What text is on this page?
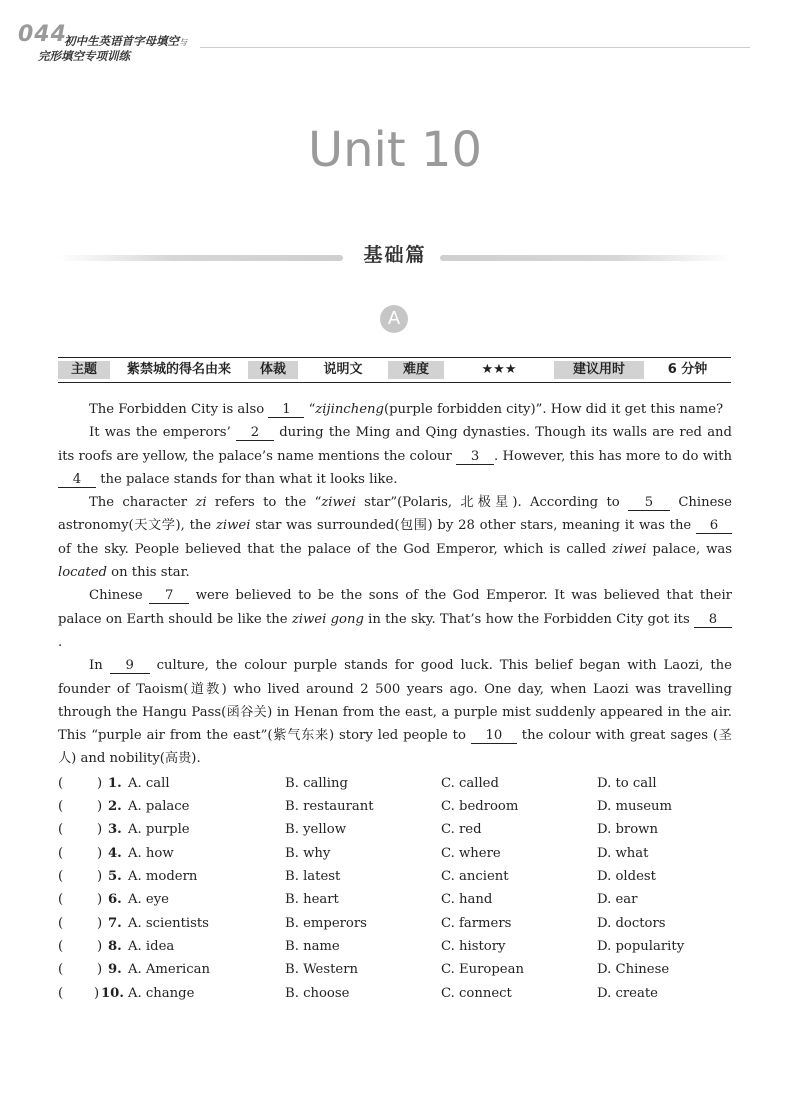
044
初中生英语首字母填空与
完形填空专项训练
Unit 10
基础篇
A
主题	紫禁城的得名由来	体裁	说明文	难度	★★★	建议用时	6 分钟

The Forbidden City is also 1 “zijincheng(purple forbidden city)”. How did it get this name?

It was the emperors’ 2 during the Ming and Qing dynasties. Though its walls are red and its roofs are yellow, the palace’s name mentions the colour 3 . However, this has more to do with 4 the palace stands for than what it looks like.

The character zi refers to the “ziwei star”(Polaris, 北极星). According to 5 Chinese astronomy(天文学), the ziwei star was surrounded(包围) by 28 other stars, meaning it was the 6 of the sky. People believed that the palace of the God Emperor, which is called ziwei palace, was located on this star.

Chinese 7 were believed to be the sons of the God Emperor. It was believed that their palace on Earth should be like the ziwei gong in the sky. That’s how the Forbidden City got its 8.

In 9 culture, the colour purple stands for good luck. This belief began with Laozi, the founder of Taoism(道教) who lived around 2 500 years ago. One day, when Laozi was travelling through the Hangu Pass(函谷关) in Henan from the east, a purple mist suddenly appeared in the air. This “purple air from the east”(紫气东来) story led people to 10 the colour with great sages (圣人) and nobility(高贵).

(	) 1. A. call	B. calling	C. called	D. to call
(	) 2. A. palace	B. restaurant	C. bedroom	D. museum
(	) 3. A. purple	B. yellow	C. red	D. brown
(	) 4. A. how	B. why	C. where	D. what
(	) 5. A. modern	B. latest	C. ancient	D. oldest
(	) 6. A. eye	B. heart	C. hand	D. ear
(	) 7. A. scientists	B. emperors	C. farmers	D. doctors
(	) 8. A. idea	B. name	C. history	D. popularity
(	) 9. A. American	B. Western	C. European	D. Chinese
( ) 10. A. change	B. choose	C. connect	D. create
